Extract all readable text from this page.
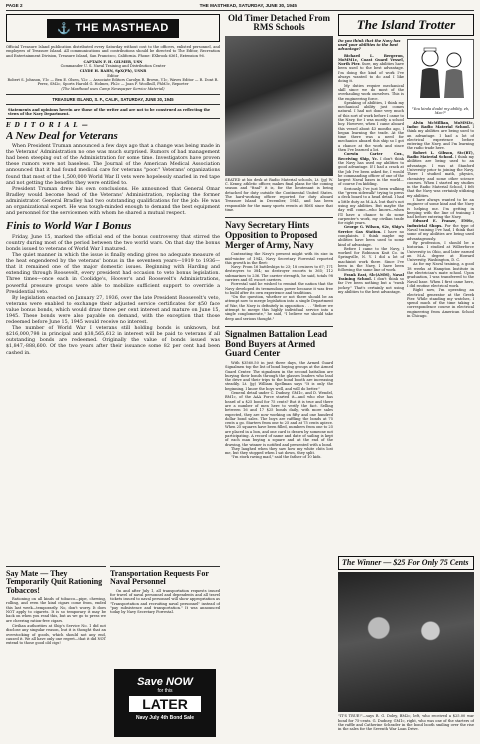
PAGE 2	THE MASTHEAD, SATURDAY, JUNE 30, 1945
⚓ THE MASTHEAD
Official Treasure Island publication distributed every Saturday without cost to the officers, enlisted personnel, and employees of Treasure Island. All communications and contributions should be directed to The Editor, Recreation and Entertainment Division, Treasure Island, San Francisco, California. Phone: EXbrook 6361, Extension 96.
CAPTAIN F. H. GILMER, USN
Commander U. S. Naval Training and Distribution Center
CLYDE H. RAHN, SpX(Ph), USNR
Editor
Robert S. Johnson, Y1c — Ben E. Olsen, Y2c ... Associate Editors Carolyn R. Brown, Y1c, Waves Editor — R. Dont R. Perez, SM2c, Sports Harold G. Holmes, Ph2c — Joan F. Woolhull, PhM3c, Reporter
(The Masthead uses Camp Newspaper Service Material)
TREASURE ISLAND, S. F., CALIF., SATURDAY, JUNE 30, 1945
Statements and opinions herein are those of the writer and are not to be construed as reflecting the views of the Navy Department.
E D I T O R I A L —
A New Deal for Veterans

When President Truman announced a few days ago that a change was being made in the Veterans' Administration no one was much surprised. Rumors of bad management had been steeping out of the Administration for some time. Investigators have proven these rumors were not baseless. The Journal of the American Medical Association announced that it had found medical care for veterans "poor." Veterans' organizations found that most of the 1,500,000 World War II vets were hopelessly snarled in red tape and not getting the benefits they were entitled to.

President Truman drew his own conclusions. He announced that General Omar Bradley would become head of the Veterans' Administration, replacing the former administrator. General Bradley had two outstanding qualifications for the job: He was an organizational expert. He was tough-minded enough to demand the best equipment and personnel for the servicemen with whom he shared a mutual respect.

Finis to World War I Bonus

Friday, June 15, marked the official end of the bonus controversy that stirred the country during most of the period between the two world wars. On that day the bonus bonds issued to veterans of World War I matured.

The quiet manner in which the issue is finally ending gives no adequate measure of the heat engendered by the veterans' bonus in the seventeen years—1919 to 1936—that it remained one of the major domestic issues. Beginning with Harding and extending through Roosevelt, every president had occasion to veto bonus legislation. Three times—once each in Coolidge's, Hoover's and Roosevelt's Administrations, powerful pressure groups were able to mobilize sufficient support to override a Presidential veto.

By legislation enacted on January 27, 1936, over the late President Roosevelt's veto, veterans were enabled to exchange their adjusted service certificates for $50 face value bonus bonds, which would draw three per cent interest and mature on June 15, 1945. These bonds were also payable on demand, with the exception that those redeemed before June 15, 1945 would receive no interest.

The number of World War I veterans still holding bonds is unknown, but $216,000,798 in principal and $38,565,612 in interest will be paid to veterans if all outstanding bonds are redeemed. Originally the value of bonds issued was $1,847,-888,600. Of the two years after their issuance some 82 per cent had been cashed in.

Say Mate — They Temporarily Quit Rationing Tobaccos!
Rationing on all kinds of tobacco—pipe, chewing, rolling, and even the kind cigars come from, ended this last week—temporarily. No, don't worry. It does NOT apply to cigarets. It is so temporary it may be back on when you read this, but as we go to press we are cheering ration-free cigars.
Civilian authorities at Ship's Service No. 1 did not disclose any singular reason, but it is thought that an overstocking of goods, which should not any end, caused it. We all have only one regret—that it did NOT extend to those good old cigs!
Transportation Requests For Naval Personnel
On and after July 1, all transportation requests issued for travel of naval personnel and dependents and all travel tickets issued to naval personnel will show appropriation as "Transportation and recruiting naval personnel" instead of "pay subsistence and transportation." It was announced today by Navy Secretary Forrestal.
Save NOW
for this
LATER
Navy July 4th Bond Sale
Old Timer Detached From RMS Schools
SEATED at his desk at Radio Material schools, Lt. (jg) W. C. Kenny, athletic officer, makes final plans for the coming season and "final" it is, for the lieutenant is being detached for duty outside the Continental United States. The hard-working officer reported for duty aboard Treasure Island in December, 1941, and has been responsible for the many sports events at RMS since that time.
Navy Secretary Hints Opposition to Proposed Merger of Army, Navy

Contrasting the Navy's present might with its size in mid-winter of 1942, Navy Secretary Forrestal reported this growth in the fleet:

Navy: From 16 battleships to 23; 18 cruisers to 67; 171 destroyers to 384; no destroyer escorts to 365; 112 submarines to 236. The carrier strength, he said, totals 98 carriers and 61 escort carriers.

Forrestal said he wished to remind the nation that the Navy developed its tremendous power because it was free to build after its own experience and traditions.

"On the question, whether or not there should be an attempt now to merge legislation into a single Department of War, the Navy is definitely in opposition . . . "Before we attempt to merge this highly individual service into a single conglomerate," he said, "I believe we should take deep and serious thought."

Signalmen Battalion Lead Bond Buyers at Armed Guard Center

With $3560.50 in just three days, the Armed Guard Signalmen top the list of bond buying groups at the Armed Guard Center. The signalmen in the second battalion are burying their bonds through the glasses leaders who lead the drive and their trips to the bond booth are increasing steadily. Lt. (jg) William Spellman says "It is only the beginning, I know the boys well, and will do better."

General detail under C. Dudney, GM1c, and D. Wendel, BM1c, of the AAA Force started it—and who else has heard of a $25 bond for 75 cents? But it is true and there are a number of men here to verify the fact. Selling between 16 and 17 $25 bonds daily, with more sales expected, they are now working on fifty and one hundred dollar bond sales. The boys are raffling the bonds at 75 cents a go. Starters from one to 25 and at 75 cents apiece. When 25 squares have been filled, numbers from one to 25 are placed in a box, and one card is drawn by someone not participating. A record of name and date of sailing is kept of each man buying a square and at the end of the drawing, the winner is notified and presented with a bond.

They laughed when they saw how my white chits lost me, but they stopped when I sat down, they split.

"I'm stork raving mad," said the father of 10 kids.

The Island Trotter
Do you think that the Navy has used your abilities to the best advantage?

Richard L. Bergeron, MoMM1c, Coast Guard Vessel, North Pier. Sure, my abilities have been used to the best advantage. I'm doing the kind of work I've always wanted to do and I like doing it.

My duties require mechanical skill since we do most of the overhauling work ourselves. This is the engineering force.

Speaking of abilities, I think my mechanical ability just comes natural. I had not done very much of this sort of work before I came to the Navy, for I was mostly a school boy. However, when I came aboard this vessel about 43 months ago, I began learning the trade. At the time there was a need for mechanics aboard this ship so I got a chance at the work and since then I've learned a lot.

Corwin Carter Cox., Receiving Ship, Yc. I don't think the Navy has used my abilities to good advantage. If I had a crack at the Job I've been asked for, I would be commanding officer of one of the largest Naval bases in the world—of course I'm kidding.

Seriously, I've just been walking the "green sidewalk" trying to press a deck board to a head detail. I had a little duty as M.A.A. but that's not using my abilities. But maybe the day will come—who knows—when I'll have a chance to do some carpenter's work, my civilian trade for eight years.

George G. Wilson, S2c, Ship's Service Gas Station. I have no complaints. I think maybe my abilities have been used to some kind of advantage.

Before I came to the Navy, I worked for Robinson Knit Co. in Springville, N. Y. I did a lot of machinist work there. Since I've been in the Navy, I have been following the same line of work.

Frank East, Slc(AMM), Naval Training School. I don't think so far I've been nothing but a "swab jockey." That's certainly not using my abilities to the best advantage.

"You kinda doubt my ability, eh, Mac?"

Alvin McMillian, MoMM3c, Indoc Radio Material School. I think my abilities are being used to an advantage. I had a lot of electrical experience before entering the Navy, and I'm learning the radio trade here.

Robert L. Gibson, Stc(RT), Radio Material School. I think my abilities are being used to an advantage. I was at Stanford University prior to joining the Navy. There I studied math, physics, chemistry and some other science courses. When I started my studies in the Radio Material School, I felt that the Navy was certainly utilizing my abilities.

I have always wanted to be an engineer of some kind and the Navy is helping me. I'm getting in keeping with the line of training I had before entering the Navy.

Edward E. Franze, EMSc, Industrial Shops. For the type of Naval training I've had, I think that some of my abilities are being used advantageously.

By profession, I should be a historian. I studied at Wilberforce University in Ohio, and later earned an M.A. degree at Howard University, Washington, D. C.

As for my Naval training, a good 18 weeks at Hampton Institute in the electrician's mate school. Upon graduation, I was transferred to the Naval base. When I first came here, I did routine electrical work.

Right now, I'm operating an electrical generator at the Greek Pier. While standing my watches, I spend much of the time taking a correspondence course in electrical engineering from American School in Chicago.

The Winner — $25 For Only 75 Cents
"IT'S TRUE!"—says R. G. Doley, BM2c, left, who received a $25.00 war bond for 75-cents. G. Dudney, GM1c, right, who was one of the starters of the raffle and Catherine Schrader in the bond booth smiling over the rise in the sales for the Seventh War Loan Drive.
